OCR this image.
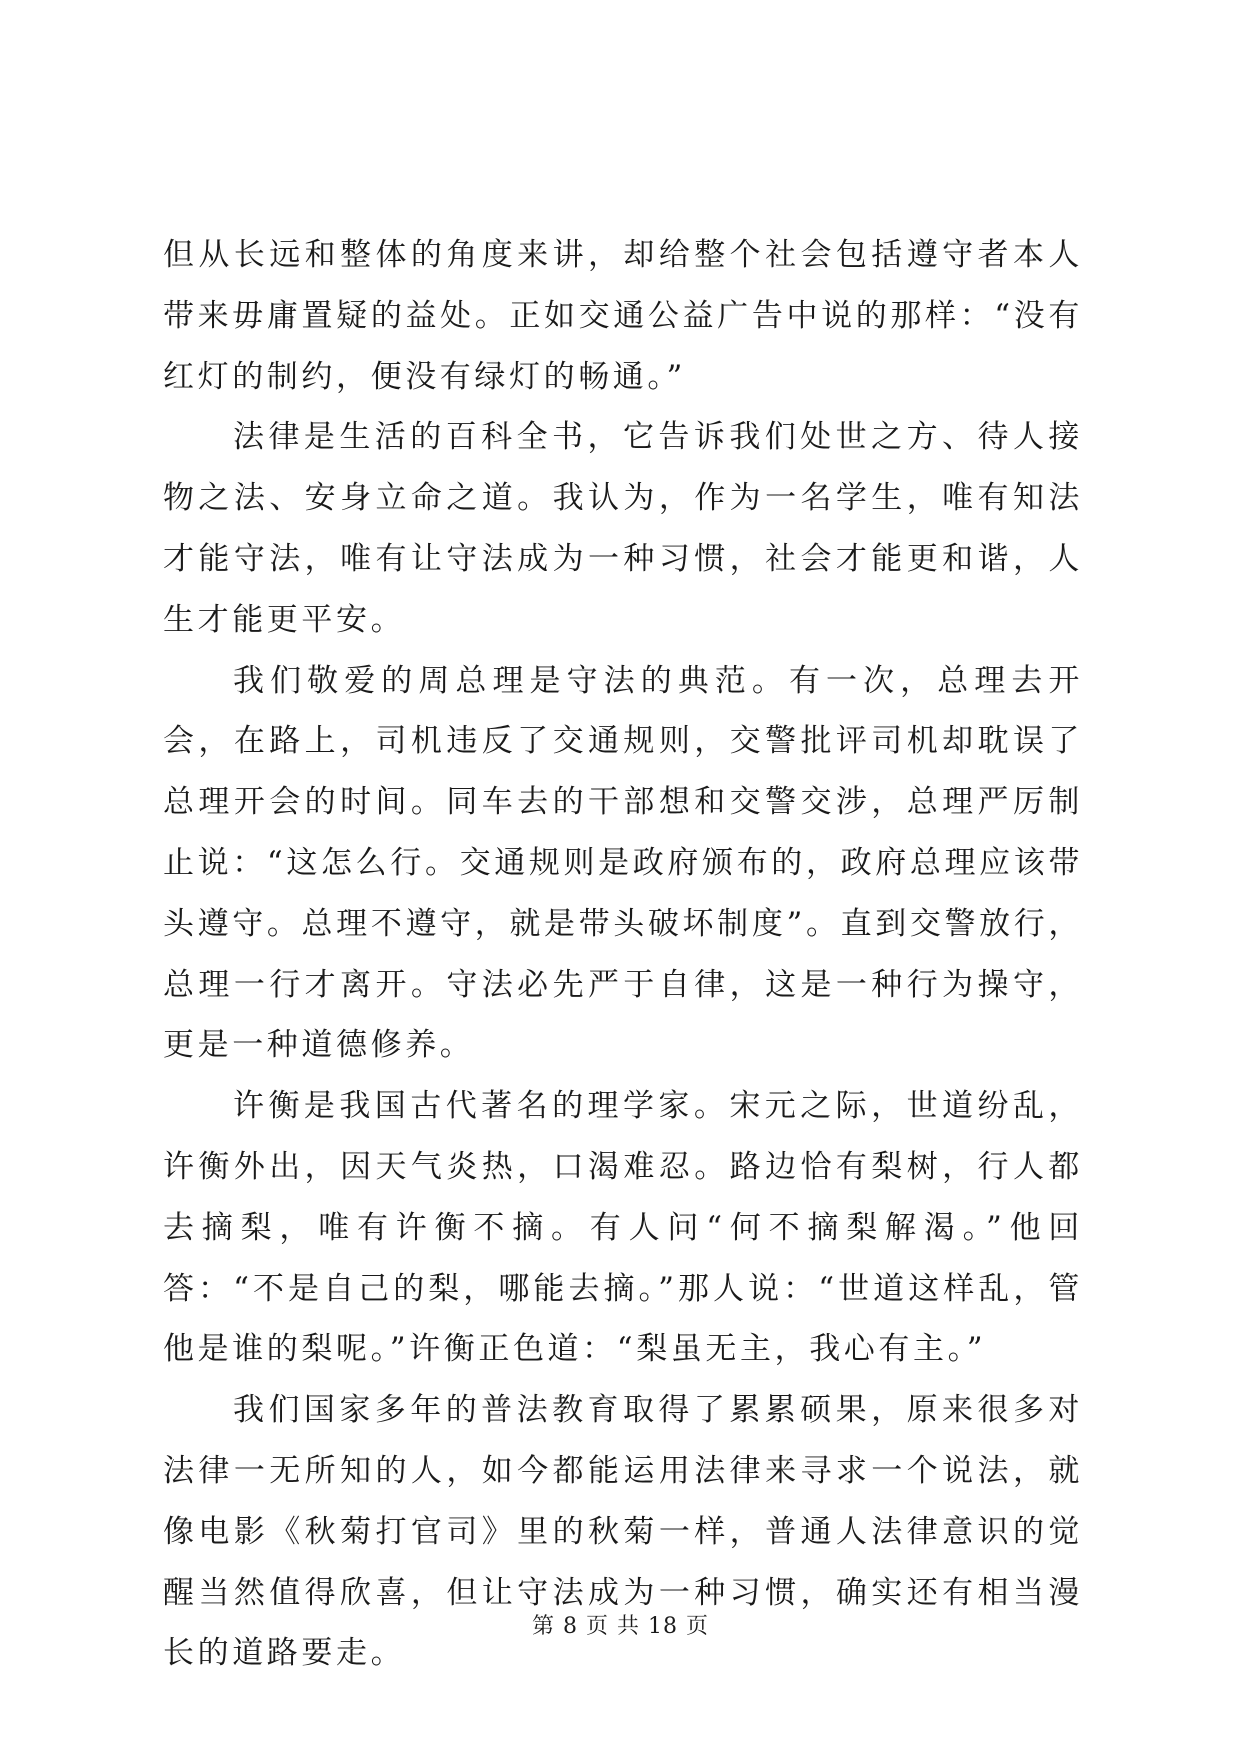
但从长远和整体的角度来讲，却给整个社会包括遵守者本人带来毋庸置疑的益处。正如交通公益广告中说的那样：“没有红灯的制约，便没有绿灯的畅通。”

法律是生活的百科全书，它告诉我们处世之方、待人接物之法、安身立命之道。我认为，作为一名学生，唯有知法才能守法，唯有让守法成为一种习惯，社会才能更和谐，人生才能更平安。

我们敬爱的周总理是守法的典范。有一次，总理去开会，在路上，司机违反了交通规则，交警批评司机却耽误了总理开会的时间。同车去的干部想和交警交涉，总理严厉制止说：“这怎么行。交通规则是政府颁布的，政府总理应该带头遵守。总理不遵守，就是带头破坏制度”。直到交警放行，总理一行才离开。守法必先严于自律，这是一种行为操守，更是一种道德修养。

许衡是我国古代著名的理学家。宋元之际，世道纷乱，许衡外出，因天气炎热，口渴难忍。路边恰有梨树，行人都去摘梨，唯有许衡不摘。有人问“何不摘梨解渴。”他回答：“不是自己的梨，哪能去摘。”那人说：“世道这样乱，管他是谁的梨呢。”许衡正色道：“梨虽无主，我心有主。”

我们国家多年的普法教育取得了累累硕果，原来很多对法律一无所知的人，如今都能运用法律来寻求一个说法，就像电影《秋菊打官司》里的秋菊一样，普通人法律意识的觉醒当然值得欣喜，但让守法成为一种习惯，确实还有相当漫长的道路要走。

第 8 页 共 18 页
